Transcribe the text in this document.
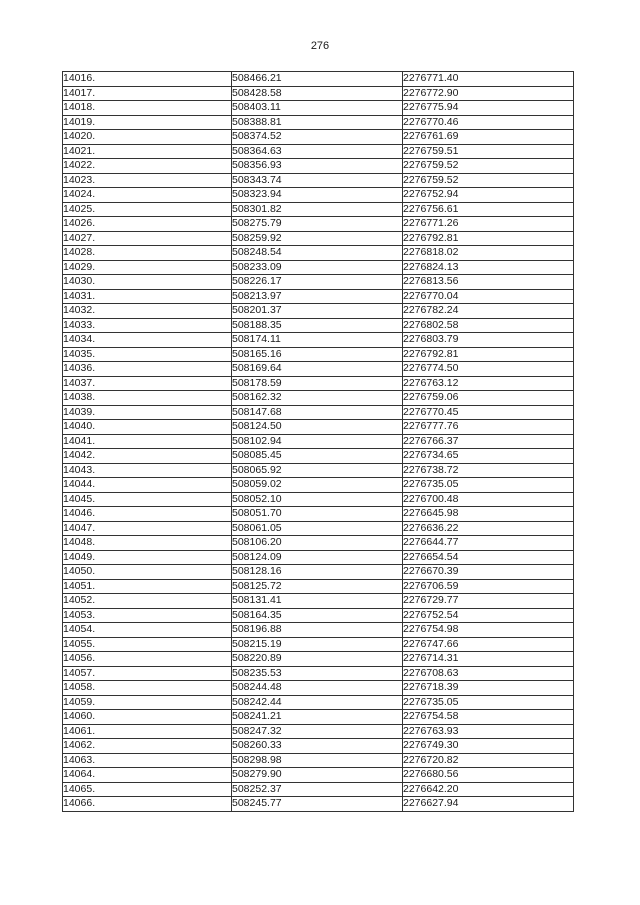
276
14016.	508466.21	2276771.40
14017.	508428.58	2276772.90
14018.	508403.11	2276775.94
14019.	508388.81	2276770.46
14020.	508374.52	2276761.69
14021.	508364.63	2276759.51
14022.	508356.93	2276759.52
14023.	508343.74	2276759.52
14024.	508323.94	2276752.94
14025.	508301.82	2276756.61
14026.	508275.79	2276771.26
14027.	508259.92	2276792.81
14028.	508248.54	2276818.02
14029.	508233.09	2276824.13
14030.	508226.17	2276813.56
14031.	508213.97	2276770.04
14032.	508201.37	2276782.24
14033.	508188.35	2276802.58
14034.	508174.11	2276803.79
14035.	508165.16	2276792.81
14036.	508169.64	2276774.50
14037.	508178.59	2276763.12
14038.	508162.32	2276759.06
14039.	508147.68	2276770.45
14040.	508124.50	2276777.76
14041.	508102.94	2276766.37
14042.	508085.45	2276734.65
14043.	508065.92	2276738.72
14044.	508059.02	2276735.05
14045.	508052.10	2276700.48
14046.	508051.70	2276645.98
14047.	508061.05	2276636.22
14048.	508106.20	2276644.77
14049.	508124.09	2276654.54
14050.	508128.16	2276670.39
14051.	508125.72	2276706.59
14052.	508131.41	2276729.77
14053.	508164.35	2276752.54
14054.	508196.88	2276754.98
14055.	508215.19	2276747.66
14056.	508220.89	2276714.31
14057.	508235.53	2276708.63
14058.	508244.48	2276718.39
14059.	508242.44	2276735.05
14060.	508241.21	2276754.58
14061.	508247.32	2276763.93
14062.	508260.33	2276749.30
14063.	508298.98	2276720.82
14064.	508279.90	2276680.56
14065.	508252.37	2276642.20
14066.	508245.77	2276627.94
